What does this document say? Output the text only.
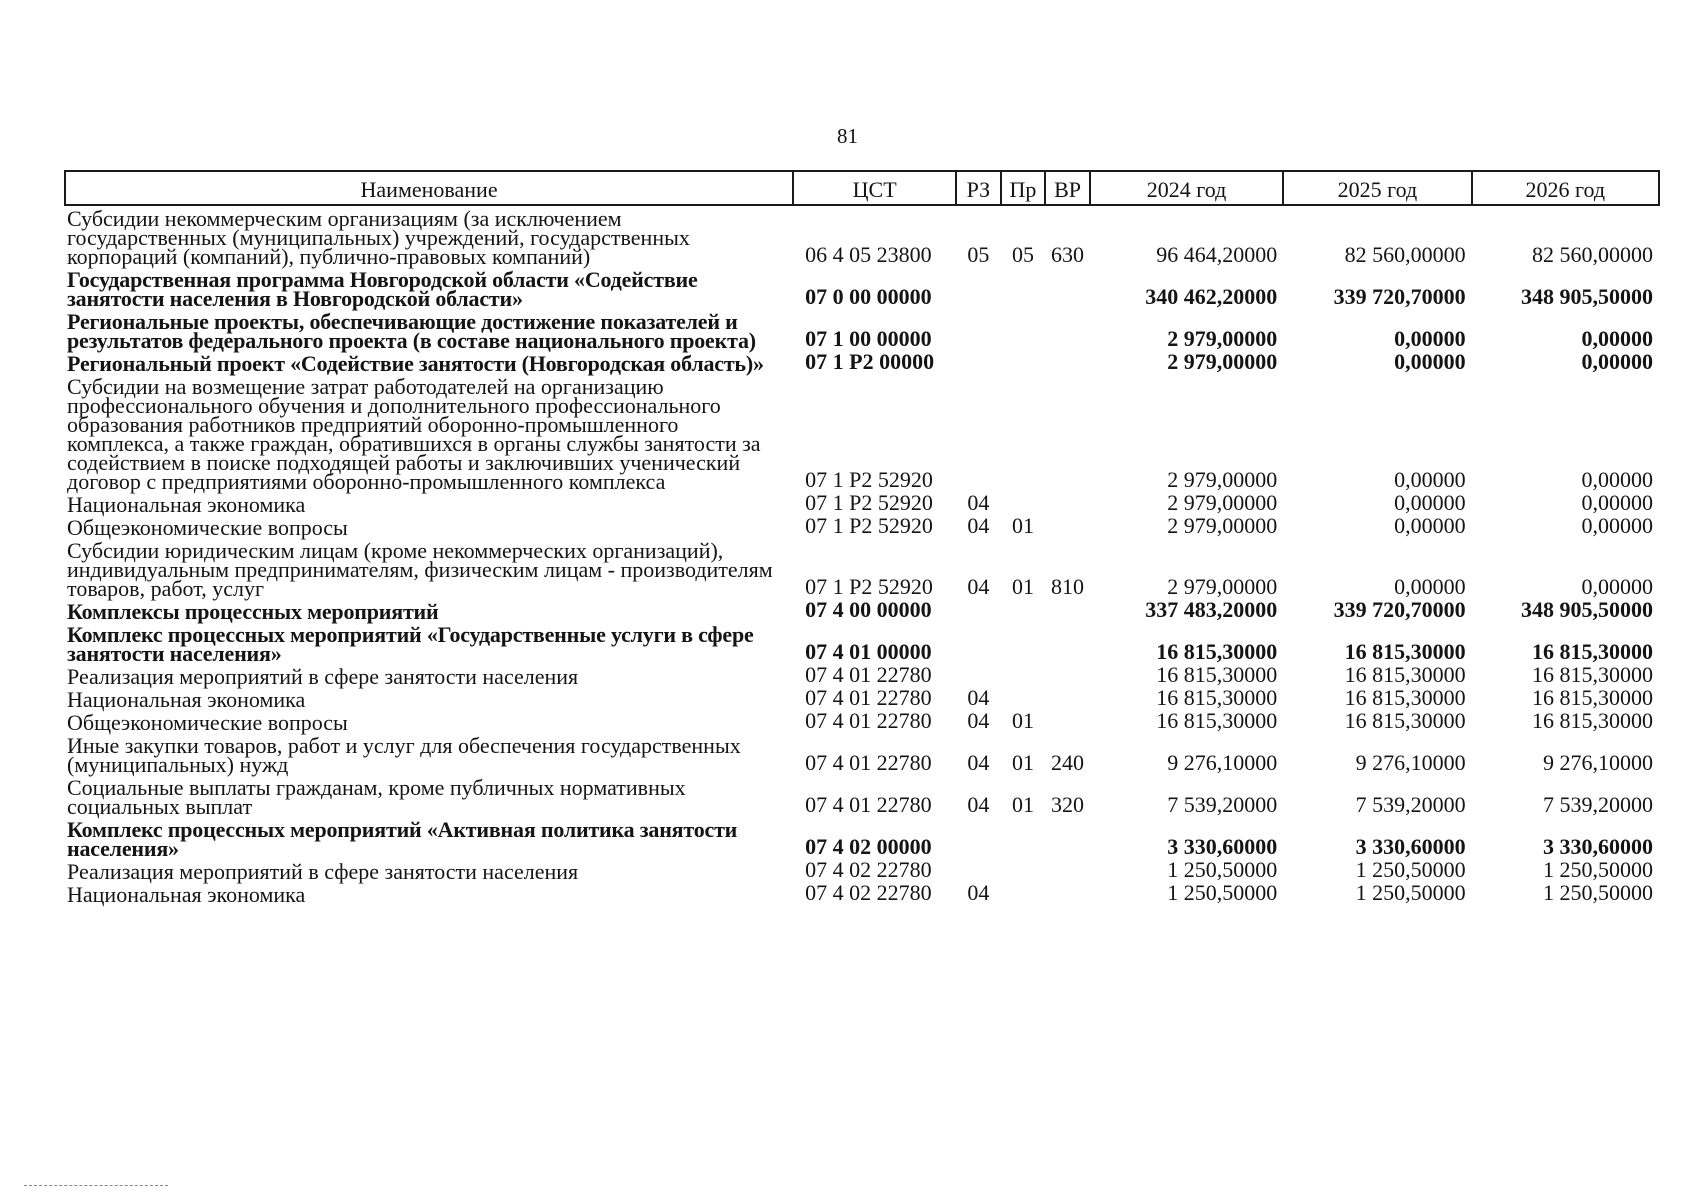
81
Наименование	ЦСТ	РЗ	Пр	ВР	2024 год	2025 год	2026 год
Субсидии некоммерческим организациям (за исключением государственных (муниципальных) учреждений, государственных корпораций (компаний), публично-правовых компаний)	06 4 05 23800	05	05	630	96 464,20000	82 560,00000	82 560,00000
Государственная программа Новгородской области «Содействие занятости населения в Новгородской области»	07 0 00 00000				340 462,20000	339 720,70000	348 905,50000
Региональные проекты, обеспечивающие достижение показателей и результатов федерального проекта (в составе национального проекта)	07 1 00 00000				2 979,00000	0,00000	0,00000
Региональный проект «Содействие занятости (Новгородская область)»	07 1 Р2 00000				2 979,00000	0,00000	0,00000
Субсидии на возмещение затрат работодателей на организацию профессионального обучения и дополнительного профессионального образования работников предприятий оборонно-промышленного комплекса, а также граждан, обратившихся в органы службы занятости за содействием в поиске подходящей работы и заключивших ученический договор с предприятиями оборонно-промышленного комплекса	07 1 Р2 52920				2 979,00000	0,00000	0,00000
Национальная экономика	07 1 Р2 52920	04			2 979,00000	0,00000	0,00000
Общеэкономические вопросы	07 1 Р2 52920	04	01		2 979,00000	0,00000	0,00000
Субсидии юридическим лицам (кроме некоммерческих организаций), индивидуальным предпринимателям, физическим лицам - производителям товаров, работ, услуг	07 1 Р2 52920	04	01	810	2 979,00000	0,00000	0,00000
Комплексы процессных мероприятий	07 4 00 00000				337 483,20000	339 720,70000	348 905,50000
Комплекс процессных мероприятий «Государственные услуги в сфере занятости населения»	07 4 01 00000				16 815,30000	16 815,30000	16 815,30000
Реализация мероприятий в сфере занятости населения	07 4 01 22780				16 815,30000	16 815,30000	16 815,30000
Национальная экономика	07 4 01 22780	04			16 815,30000	16 815,30000	16 815,30000
Общеэкономические вопросы	07 4 01 22780	04	01		16 815,30000	16 815,30000	16 815,30000
Иные закупки товаров, работ и услуг для обеспечения государственных (муниципальных) нужд	07 4 01 22780	04	01	240	9 276,10000	9 276,10000	9 276,10000
Социальные выплаты гражданам, кроме публичных нормативных социальных выплат	07 4 01 22780	04	01	320	7 539,20000	7 539,20000	7 539,20000
Комплекс процессных мероприятий «Активная политика занятости населения»	07 4 02 00000				3 330,60000	3 330,60000	3 330,60000
Реализация мероприятий в сфере занятости населения	07 4 02 22780				1 250,50000	1 250,50000	1 250,50000
Национальная экономика	07 4 02 22780	04			1 250,50000	1 250,50000	1 250,50000
